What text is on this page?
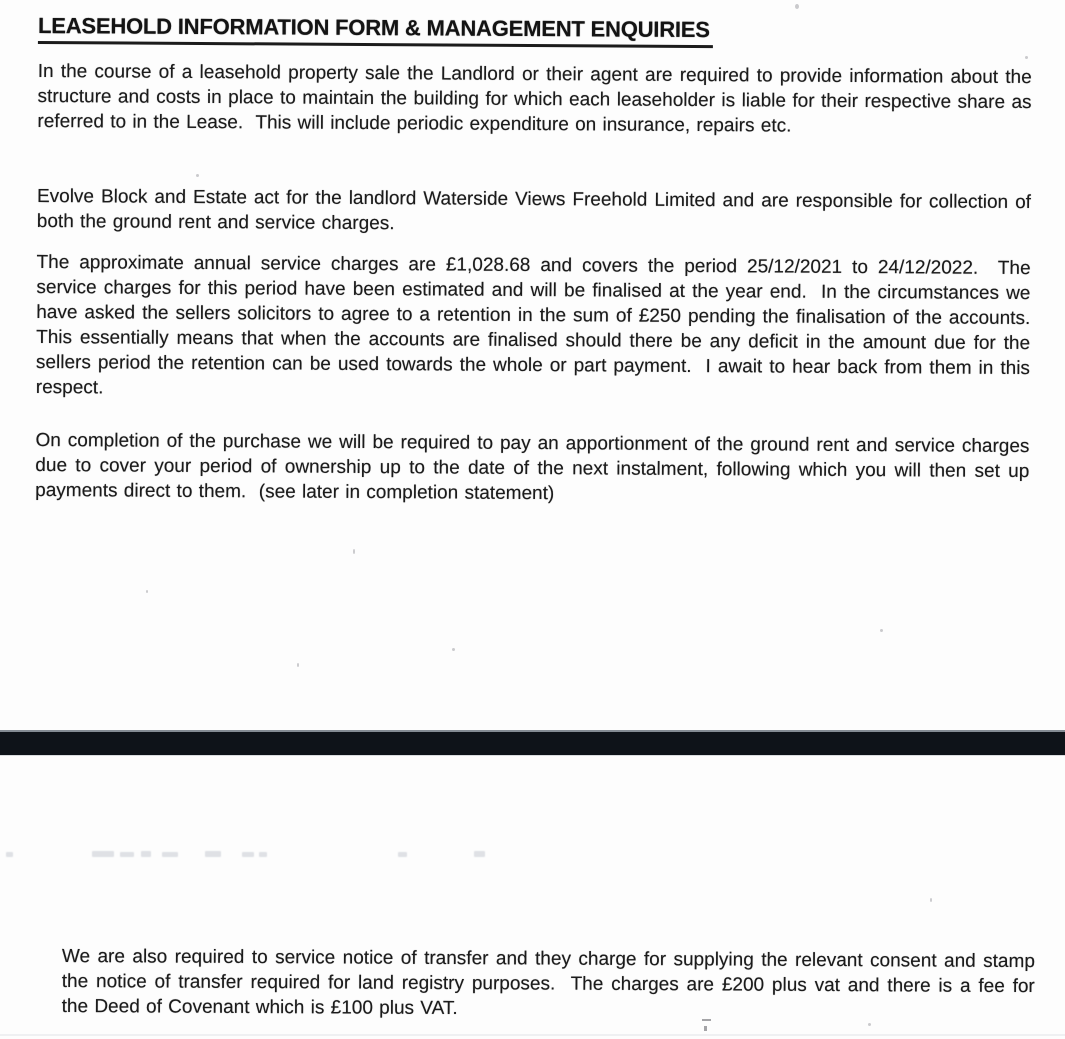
LEASEHOLD INFORMATION FORM & MANAGEMENT ENQUIRIES

In the course of a leasehold property sale the Landlord or their agent are required to provide information about the structure and costs in place to maintain the building for which each leaseholder is liable for their respective share as referred to in the Lease.  This will include periodic expenditure on insurance, repairs etc.

Evolve Block and Estate act for the landlord Waterside Views Freehold Limited and are responsible for collection of both the ground rent and service charges.

The approximate annual service charges are £1,028.68 and covers the period 25/12/2021 to 24/12/2022.  The service charges for this period have been estimated and will be finalised at the year end.  In the circumstances we have asked the sellers solicitors to agree to a retention in the sum of £250 pending the finalisation of the accounts.  This essentially means that when the accounts are finalised should there be any deficit in the amount due for the sellers period the retention can be used towards the whole or part payment.  I await to hear back from them in this respect.

On completion of the purchase we will be required to pay an apportionment of the ground rent and service charges due to cover your period of ownership up to the date of the next instalment, following which you will then set up payments direct to them.  (see later in completion statement)

We are also required to service notice of transfer and they charge for supplying the relevant consent and stamp the notice of transfer required for land registry purposes.  The charges are £200 plus vat and there is a fee for the Deed of Covenant which is £100 plus VAT.
